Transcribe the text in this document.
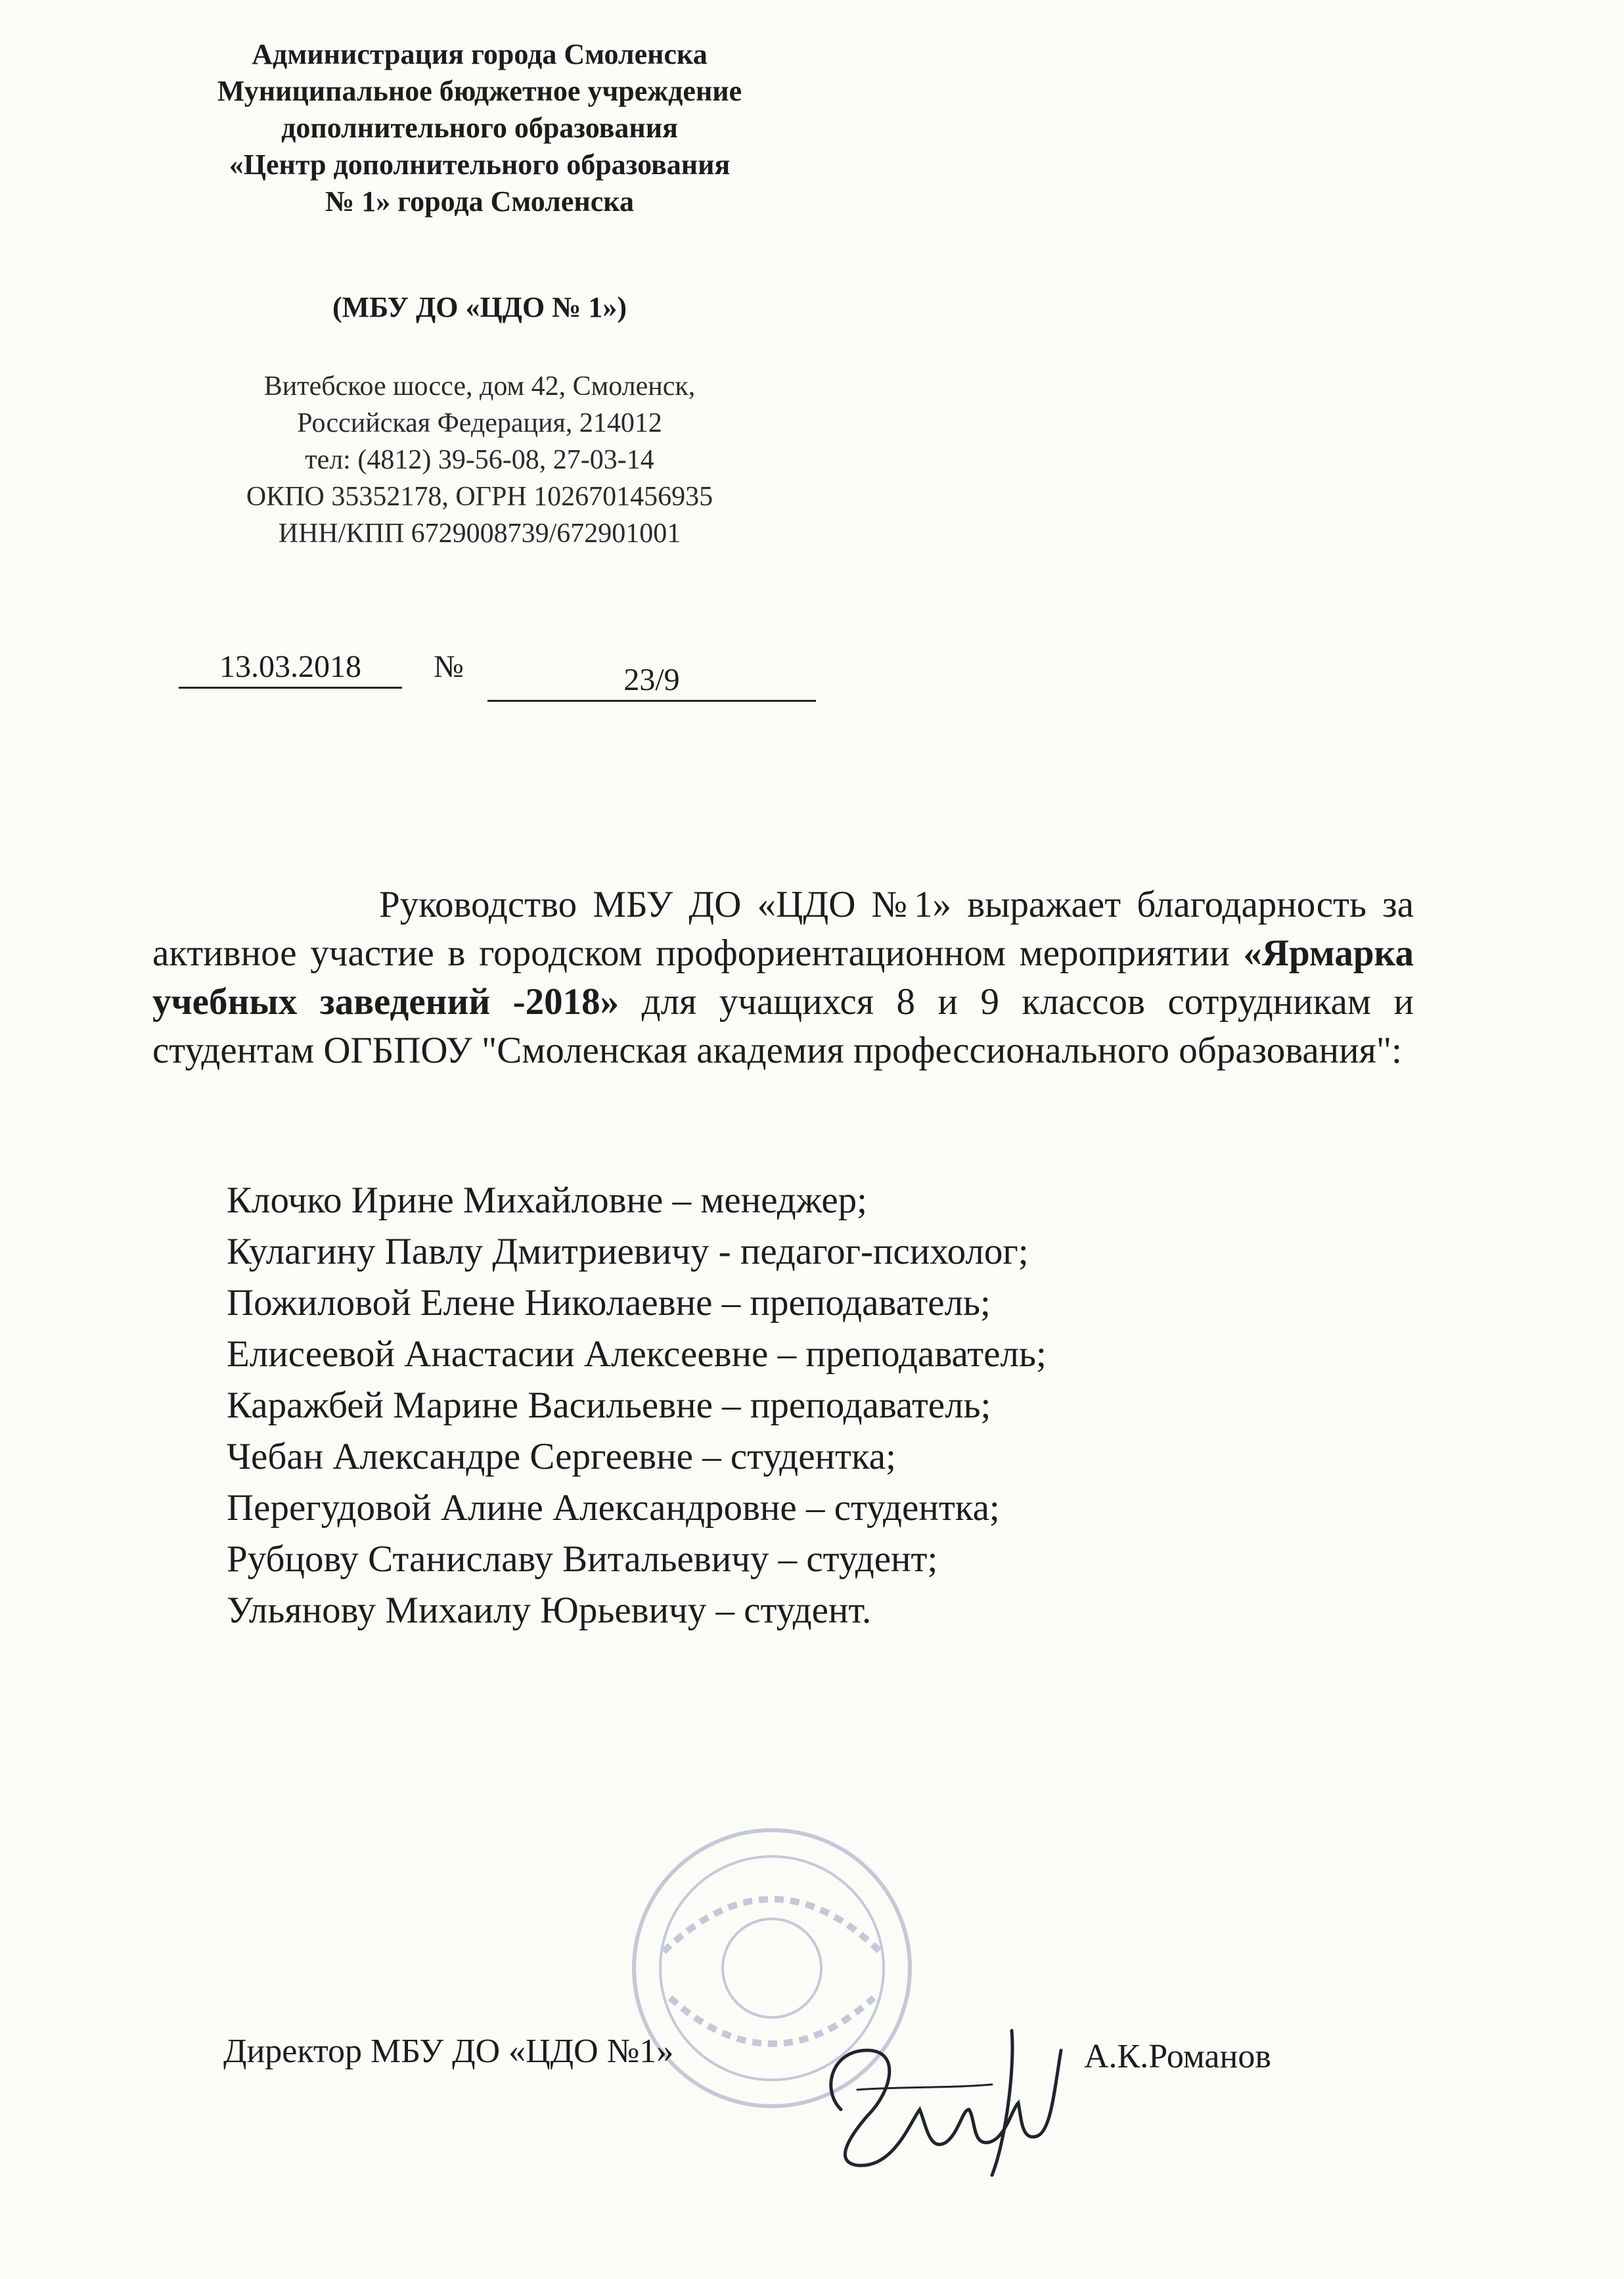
Администрация города Смоленска
Муниципальное бюджетное учреждение
дополнительного образования
«Центр дополнительного образования
№ 1» города Смоленска
(МБУ ДО «ЦДО № 1»)
Витебское шоссе, дом 42, Смоленск,
Российская Федерация, 214012
тел: (4812) 39-56-08, 27-03-14
ОКПО 35352178, ОГРН 1026701456935
ИНН/КПП 6729008739/672901001
13.03.2018	№	23/9

Руководство МБУ ДО «ЦДО №1» выражает благодарность за активное участие в городском профориентационном мероприятии «Ярмарка учебных заведений -2018» для учащихся 8 и 9 классов сотрудникам и студентам ОГБПОУ "Смоленская академия профессионального образования":

Клочко Ирине Михайловне – менеджер;
Кулагину Павлу Дмитриевичу - педагог-психолог;
Пожиловой Елене Николаевне – преподаватель;
Елисеевой Анастасии Алексеевне – преподаватель;
Каражбей Марине Васильевне – преподаватель;
Чебан Александре Сергеевне – студентка;
Перегудовой Алине Александровне – студентка;
Рубцову Станиславу Витальевичу – студент;
Ульянову Михаилу Юрьевичу – студент.
Директор МБУ ДО «ЦДО №1»	А.К.Романов
